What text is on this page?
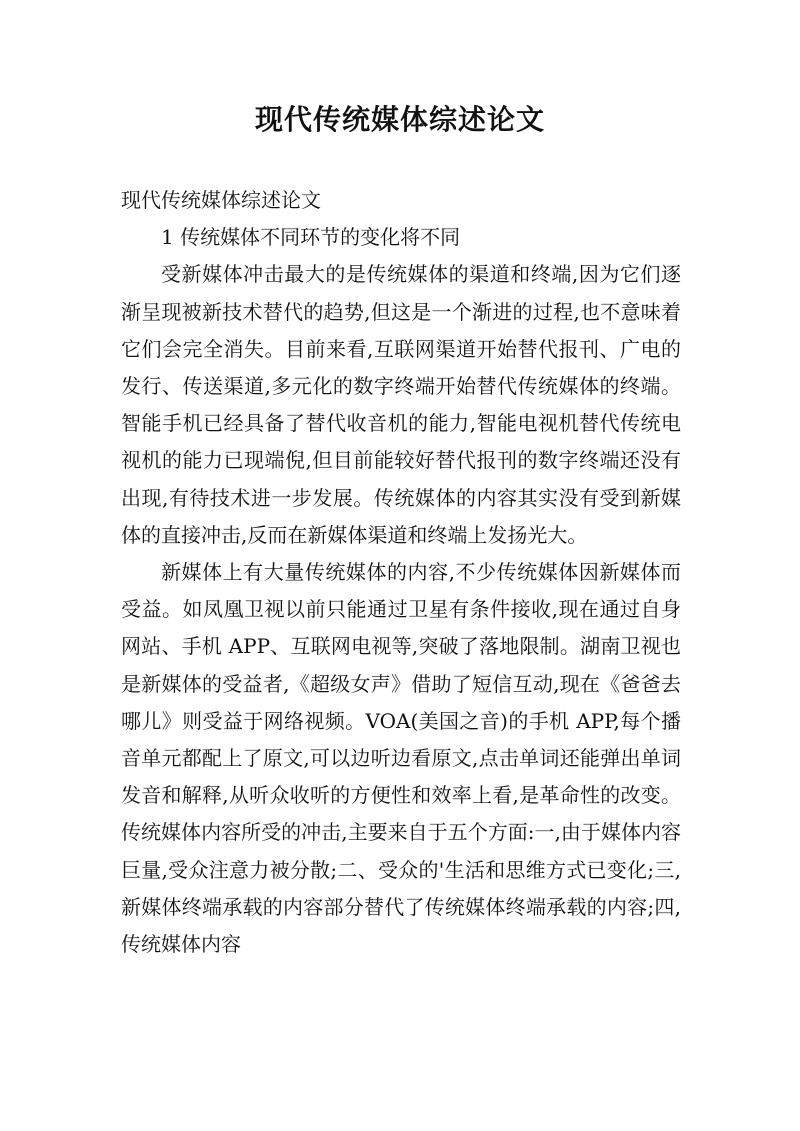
现代传统媒体综述论文

现代传统媒体综述论文

1 传统媒体不同环节的变化将不同

受新媒体冲击最大的是传统媒体的渠道和终端,因为它们逐渐呈现被新技术替代的趋势,但这是一个渐进的过程,也不意味着它们会完全消失。目前来看,互联网渠道开始替代报刊、广电的发行、传送渠道,多元化的数字终端开始替代传统媒体的终端。智能手机已经具备了替代收音机的能力,智能电视机替代传统电视机的能力已现端倪,但目前能较好替代报刊的数字终端还没有出现,有待技术进一步发展。传统媒体的内容其实没有受到新媒体的直接冲击,反而在新媒体渠道和终端上发扬光大。

新媒体上有大量传统媒体的内容,不少传统媒体因新媒体而受益。如凤凰卫视以前只能通过卫星有条件接收,现在通过自身网站、手机 APP、互联网电视等,突破了落地限制。湖南卫视也是新媒体的受益者,《超级女声》借助了短信互动,现在《爸爸去哪儿》则受益于网络视频。VOA(美国之音)的手机 APP,每个播音单元都配上了原文,可以边听边看原文,点击单词还能弹出单词发音和解释,从听众收听的方便性和效率上看,是革命性的改变。传统媒体内容所受的冲击,主要来自于五个方面:一,由于媒体内容巨量,受众注意力被分散;二、受众的'生活和思维方式已变化;三,新媒体终端承载的内容部分替代了传统媒体终端承载的内容;四,传统媒体内容
